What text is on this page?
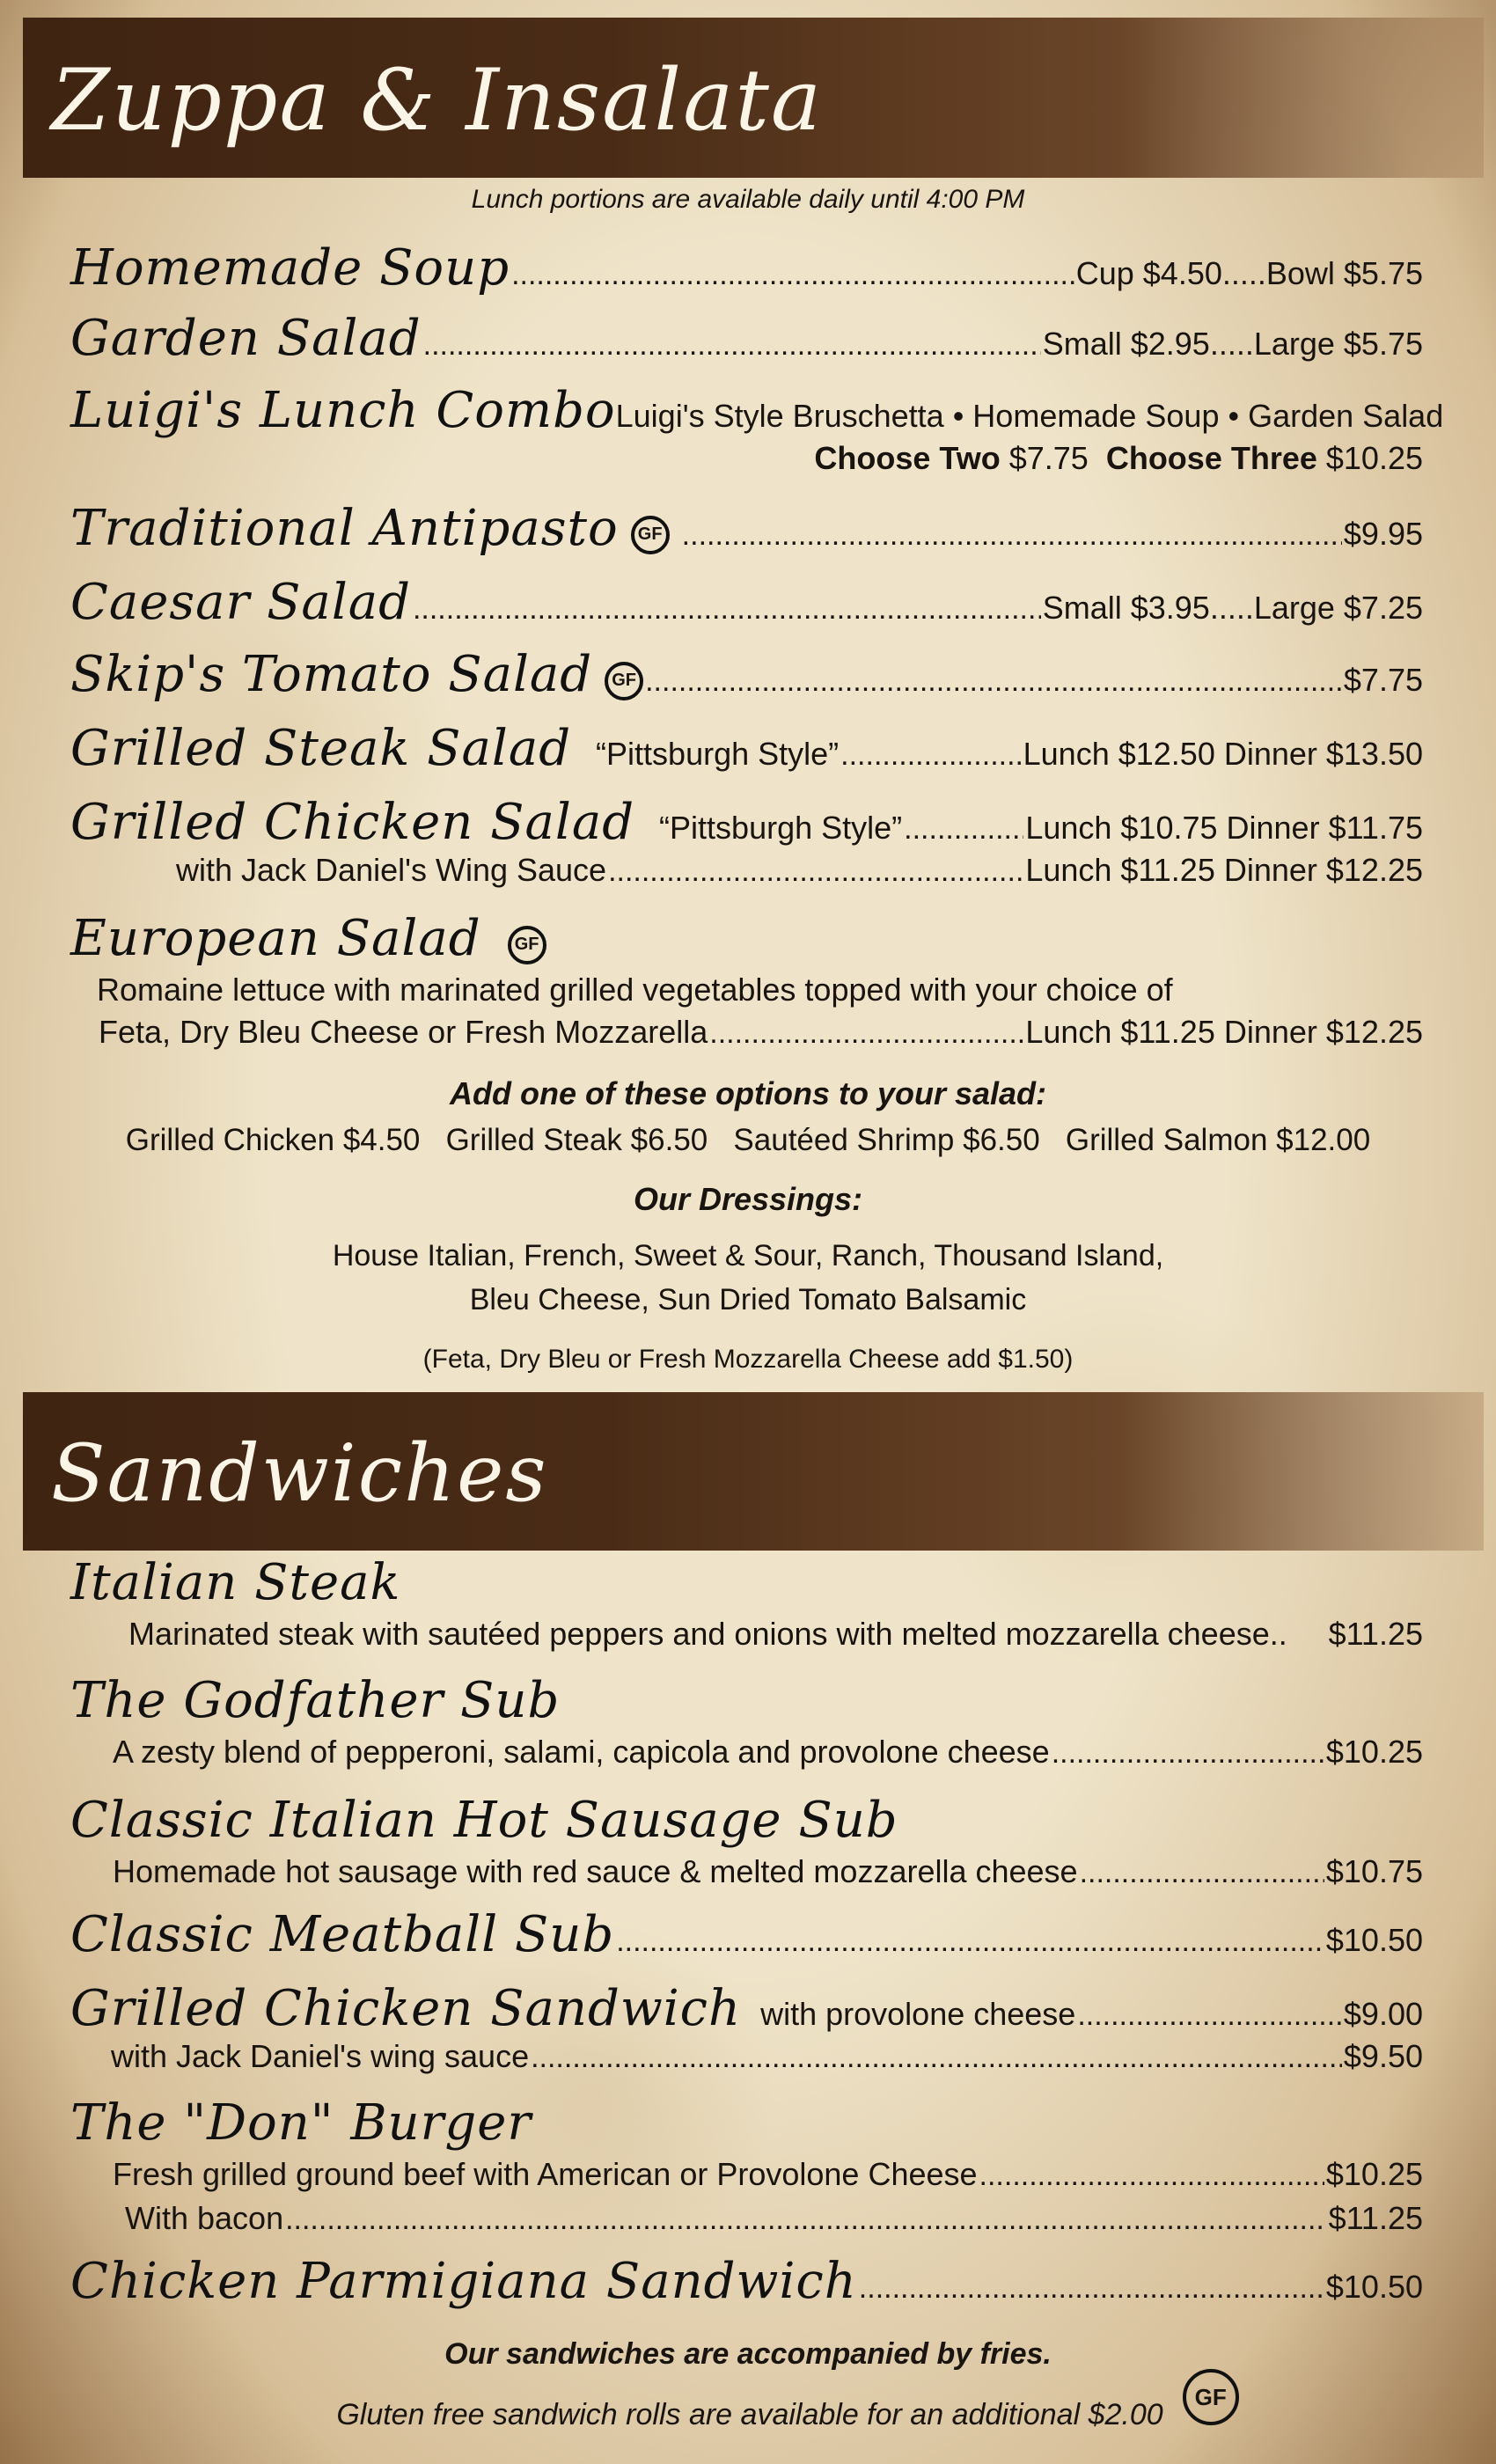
Zuppa & Insalata
Lunch portions are available daily until 4:00 PM
Homemade Soup .....	Cup $4.50.....Bowl $5.75
Garden Salad .....	Small $2.95.....Large $5.75
Luigi's Lunch Combo Luigi's Style Bruschetta • Homemade Soup • Garden Salad
Choose Two $7.75 Choose Three $10.25
Traditional Antipasto	GF .....	$9.95
Caesar Salad .....	Small $3.95.....Large $7.25
Skip's Tomato Salad	GF .....	$7.75
Grilled Steak Salad “Pittsburgh Style” .....	Lunch $12.50 Dinner $13.50
Grilled Chicken Salad “Pittsburgh Style” .....	Lunch $10.75 Dinner $11.75
with Jack Daniel's Wing Sauce .....	Lunch $11.25 Dinner $12.25
European Salad	GF
Romaine lettuce with marinated grilled vegetables topped with your choice of
Feta, Dry Bleu Cheese or Fresh Mozzarella .....	Lunch $11.25 Dinner $12.25
Add one of these options to your salad:
Grilled Chicken $4.50   Grilled Steak $6.50   Sautéed Shrimp $6.50   Grilled Salmon $12.00
Our Dressings:
House Italian, French, Sweet & Sour, Ranch, Thousand Island,
Bleu Cheese, Sun Dried Tomato Balsamic
(Feta, Dry Bleu or Fresh Mozzarella Cheese add $1.50)
Sandwiches
Italian Steak
Marinated steak with sautéed peppers and onions with melted mozzarella cheese.. $11.25
The Godfather Sub
A zesty blend of pepperoni, salami, capicola and provolone cheese .....	$10.25
Classic Italian Hot Sausage Sub
Homemade hot sausage with red sauce & melted mozzarella cheese .....	$10.75
Classic Meatball Sub .....	$10.50
Grilled Chicken Sandwich with provolone cheese .....	$9.00
with Jack Daniel's wing sauce .....	$9.50
The "Don" Burger
Fresh grilled ground beef with American or Provolone Cheese .....	$10.25
With bacon .....	$11.25
Chicken Parmigiana Sandwich .....	$10.50
Our sandwiches are accompanied by fries.
Gluten free sandwich rolls are available for an additional $2.00
GF
